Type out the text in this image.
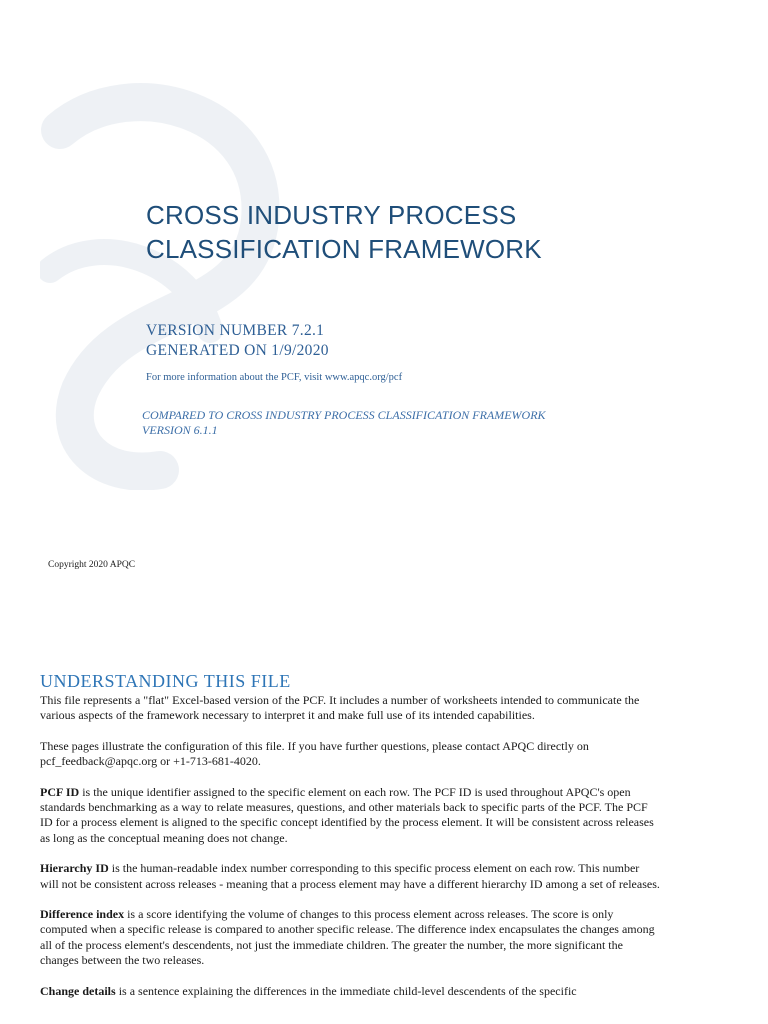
CROSS INDUSTRY PROCESS
CLASSIFICATION FRAMEWORK
VERSION NUMBER 7.2.1
GENERATED ON 1/9/2020
For more information about the PCF, visit www.apqc.org/pcf
COMPARED TO CROSS INDUSTRY PROCESS CLASSIFICATION FRAMEWORK
VERSION 6.1.1
Copyright 2020 APQC
UNDERSTANDING THIS FILE

This file represents a "flat" Excel-based version of the PCF. It includes a number of worksheets intended to communicate the various aspects of the framework necessary to interpret it and make full use of its intended capabilities.

These pages illustrate the configuration of this file. If you have further questions, please contact APQC directly on pcf_feedback@apqc.org or +1-713-681-4020.

PCF ID is the unique identifier assigned to the specific element on each row. The PCF ID is used throughout APQC's open standards benchmarking as a way to relate measures, questions, and other materials back to specific parts of the PCF. The PCF ID for a process element is aligned to the specific concept identified by the process element. It will be consistent across releases as long as the conceptual meaning does not change.

Hierarchy ID is the human-readable index number corresponding to this specific process element on each row. This number will not be consistent across releases - meaning that a process element may have a different hierarchy ID among a set of releases.

Difference index is a score identifying the volume of changes to this process element across releases. The score is only computed when a specific release is compared to another specific release. The difference index encapsulates the changes among all of the process element's descendents, not just the immediate children. The greater the number, the more significant the changes between the two releases.

Change details is a sentence explaining the differences in the immediate child-level descendents of the specific
